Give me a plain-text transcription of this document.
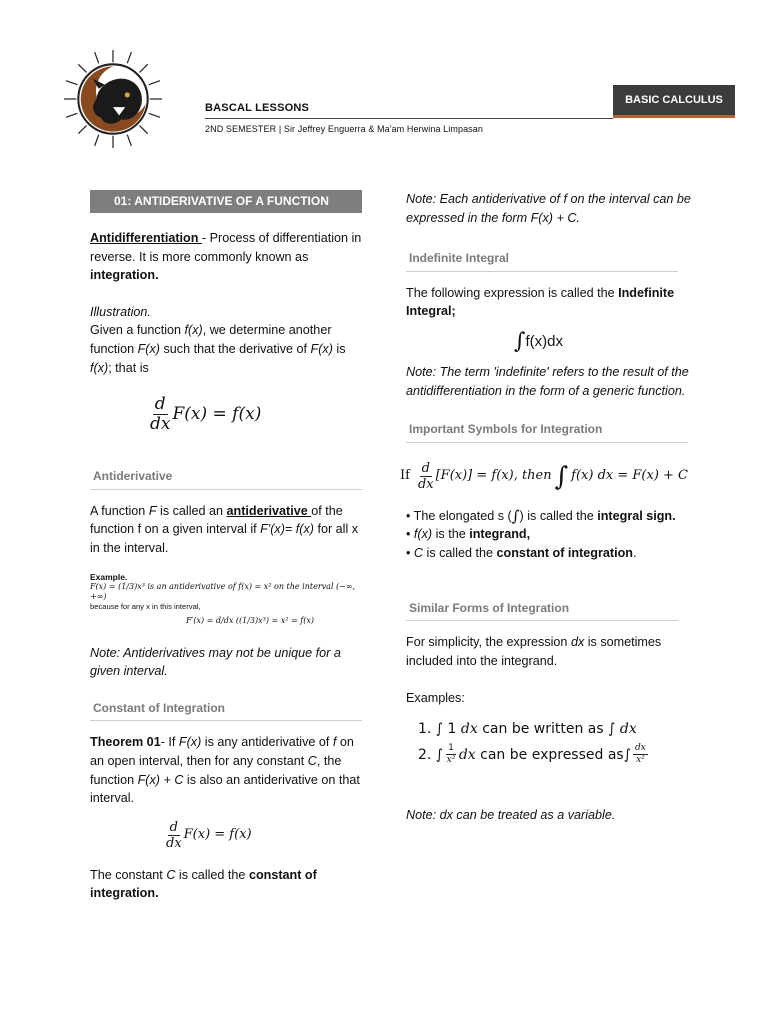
BASCAL LESSONS
2ND SEMESTER | Sir Jeffrey Enguerra & Ma'am Herwina Limpasan
BASIC CALCULUS
01: ANTIDERIVATIVE OF A FUNCTION

Antidifferentiation - Process of differentiation in reverse. It is more commonly known as integration.

Illustration.

Given a function f(x), we determine another function F(x) such that the derivative of F(x) is f(x); that is

$\frac{d}{dx} F(x) = f(x)$
Antiderivative

A function F is called an antiderivative of the function f on a given interval if F'(x)= f(x) for all x in the interval.

Example.
F(x) = (1/3)x³ is an antiderivative of f(x) = x² on the interval (−∞, +∞)
because for any x in this interval,
F′(x) = d/dx ((1/3)x³) = x² = f(x)

Note: Antiderivatives may not be unique for a given interval.

Constant of Integration

Theorem 01- If F(x) is any antiderivative of f on an open interval, then for any constant C, the function F(x) + C is also an antiderivative on that interval.

$\frac{d}{dx} F(x) = f(x)$

The constant C is called the constant of integration.

Note: Each antiderivative of f on the interval can be expressed in the form F(x) + C.

Indefinite Integral

The following expression is called the Indefinite Integral;

∫ f(x)dx

Note: The term 'indefinite' refers to the result of the antidifferentiation in the form of a generic function.

Important Symbols for Integration
If $\frac{d}{dx} [F(x)] = f(x)$, then ∫ f(x) dx = F(x) + C

• The elongated s (∫) is called the integral sign.

• f(x) is the integrand,

• C is called the constant of integration.

Similar Forms of Integration

For simplicity, the expression dx is sometimes included into the integrand.

Examples:

1. ∫ 1 dx can be written as ∫ dx
2. ∫ $\frac{1}{\text{x²}}$ dx can be expressed $as\int \frac{dx}{\text{x²}}$

Note: dx can be treated as a variable.
